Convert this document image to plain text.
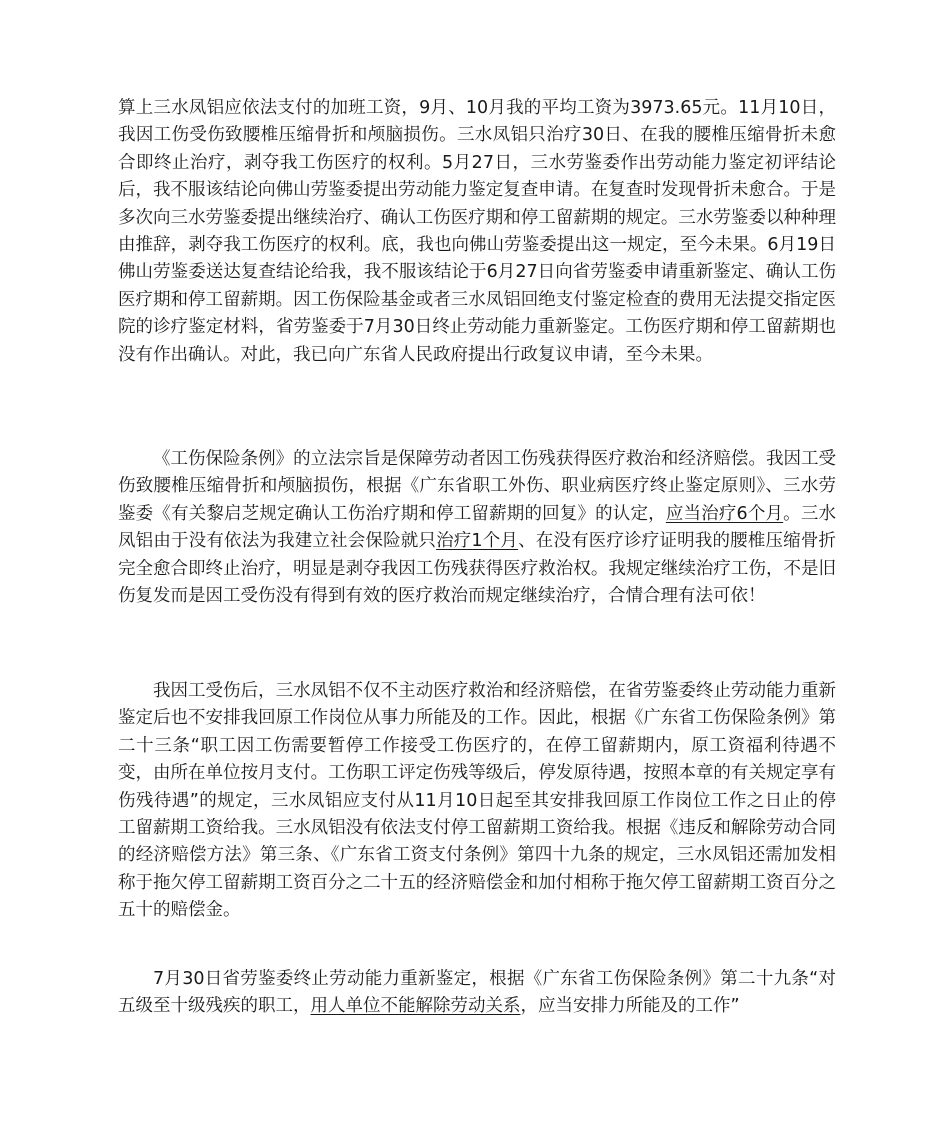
算上三水凤铝应依法支付的加班工资，9月、10月我的平均工资为3973.65元。11月10日，我因工伤受伤致腰椎压缩骨折和颅脑损伤。三水凤铝只治疗30日、在我的腰椎压缩骨折未愈合即终止治疗，剥夺我工伤医疗的权利。5月27日，三水劳鉴委作出劳动能力鉴定初评结论后，我不服该结论向佛山劳鉴委提出劳动能力鉴定复查申请。在复查时发现骨折未愈合。于是多次向三水劳鉴委提出继续治疗、确认工伤医疗期和停工留薪期的规定。三水劳鉴委以种种理由推辞，剥夺我工伤医疗的权利。底，我也向佛山劳鉴委提出这一规定，至今未果。6月19日佛山劳鉴委送达复查结论给我，我不服该结论于6月27日向省劳鉴委申请重新鉴定、确认工伤医疗期和停工留薪期。因工伤保险基金或者三水凤铝回绝支付鉴定检查的费用无法提交指定医院的诊疗鉴定材料，省劳鉴委于7月30日终止劳动能力重新鉴定。工伤医疗期和停工留薪期也没有作出确认。对此，我已向广东省人民政府提出行政复议申请，至今未果。

《工伤保险条例》的立法宗旨是保障劳动者因工伤残获得医疗救治和经济赔偿。我因工受伤致腰椎压缩骨折和颅脑损伤，根据《广东省职工外伤、职业病医疗终止鉴定原则》、三水劳鉴委《有关黎启芝规定确认工伤治疗期和停工留薪期的回复》的认定，应当治疗6个月。三水凤铝由于没有依法为我建立社会保险就只治疗1个月、在没有医疗诊疗证明我的腰椎压缩骨折完全愈合即终止治疗，明显是剥夺我因工伤残获得医疗救治权。我规定继续治疗工伤，不是旧伤复发而是因工受伤没有得到有效的医疗救治而规定继续治疗，合情合理有法可依！

我因工受伤后，三水凤铝不仅不主动医疗救治和经济赔偿，在省劳鉴委终止劳动能力重新鉴定后也不安排我回原工作岗位从事力所能及的工作。因此，根据《广东省工伤保险条例》第二十三条“职工因工伤需要暂停工作接受工伤医疗的，在停工留薪期内，原工资福利待遇不变，由所在单位按月支付。工伤职工评定伤残等级后，停发原待遇，按照本章的有关规定享有伤残待遇”的规定，三水凤铝应支付从11月10日起至其安排我回原工作岗位工作之日止的停工留薪期工资给我。三水凤铝没有依法支付停工留薪期工资给我。根据《违反和解除劳动合同的经济赔偿方法》第三条、《广东省工资支付条例》第四十九条的规定，三水凤铝还需加发相称于拖欠停工留薪期工资百分之二十五的经济赔偿金和加付相称于拖欠停工留薪期工资百分之五十的赔偿金。

7月30日省劳鉴委终止劳动能力重新鉴定，根据《广东省工伤保险条例》第二十九条“对五级至十级残疾的职工，用人单位不能解除劳动关系，应当安排力所能及的工作”
